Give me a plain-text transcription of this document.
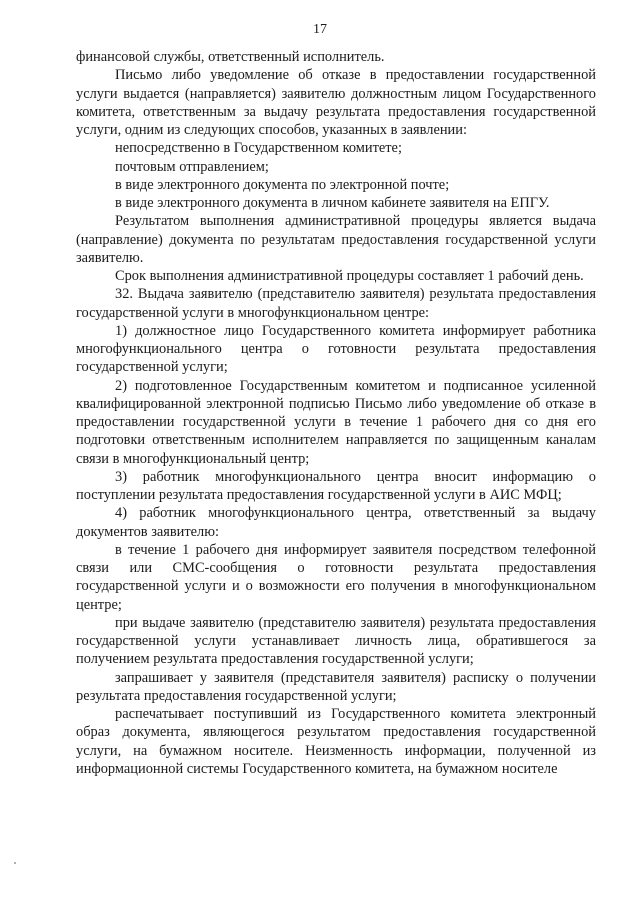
17

финансовой службы, ответственный исполнитель.

Письмо либо уведомление об отказе в предоставлении государственной услуги выдается (направляется) заявителю должностным лицом Государственного комитета, ответственным за выдачу результата предоставления государственной услуги, одним из следующих способов, указанных в заявлении:

непосредственно в Государственном комитете;

почтовым отправлением;

в виде электронного документа по электронной почте;

в виде электронного документа в личном кабинете заявителя на ЕПГУ.

Результатом выполнения административной процедуры является выдача (направление) документа по результатам предоставления государственной услуги заявителю.

Срок выполнения административной процедуры составляет 1 рабочий день.

32. Выдача заявителю (представителю заявителя) результата предоставления государственной услуги в многофункциональном центре:

1) должностное лицо Государственного комитета информирует работника многофункционального центра о готовности результата предоставления государственной услуги;

2) подготовленное Государственным комитетом и подписанное усиленной квалифицированной электронной подписью Письмо либо уведомление об отказе в предоставлении государственной услуги в течение 1 рабочего дня со дня его подготовки ответственным исполнителем направляется по защищенным каналам связи в многофункциональный центр;

3) работник многофункционального центра вносит информацию о поступлении результата предоставления государственной услуги в АИС МФЦ;

4) работник многофункционального центра, ответственный за выдачу документов заявителю:

в течение 1 рабочего дня информирует заявителя посредством телефонной связи или СМС-сообщения о готовности результата предоставления государственной услуги и о возможности его получения в многофункциональном центре;

при выдаче заявителю (представителю заявителя) результата предоставления государственной услуги устанавливает личность лица, обратившегося за получением результата предоставления государственной услуги;

запрашивает у заявителя (представителя заявителя) расписку о получении результата предоставления государственной услуги;

распечатывает поступивший из Государственного комитета электронный образ документа, являющегося результатом предоставления государственной услуги, на бумажном носителе. Неизменность информации, полученной из информационной системы Государственного комитета, на бумажном носителе
